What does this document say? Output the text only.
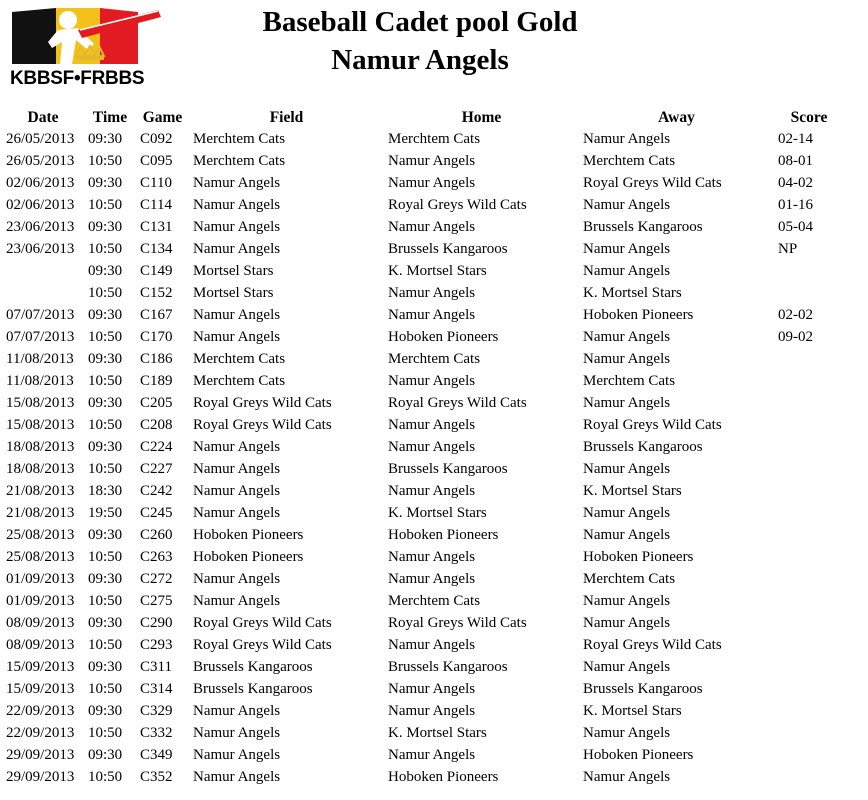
KBBSF•FRBBS
Baseball Cadet pool Gold
Namur Angels
Date	Time	Game	Field	Home	Away	Score
26/05/2013	09:30	C092	Merchtem Cats	Merchtem Cats	Namur Angels	02-14
26/05/2013	10:50	C095	Merchtem Cats	Namur Angels	Merchtem Cats	08-01
02/06/2013	09:30	C110	Namur Angels	Namur Angels	Royal Greys Wild Cats	04-02
02/06/2013	10:50	C114	Namur Angels	Royal Greys Wild Cats	Namur Angels	01-16
23/06/2013	09:30	C131	Namur Angels	Namur Angels	Brussels Kangaroos	05-04
23/06/2013	10:50	C134	Namur Angels	Brussels Kangaroos	Namur Angels	NP
	09:30	C149	Mortsel Stars	K. Mortsel Stars	Namur Angels	
	10:50	C152	Mortsel Stars	Namur Angels	K. Mortsel Stars	
07/07/2013	09:30	C167	Namur Angels	Namur Angels	Hoboken Pioneers	02-02
07/07/2013	10:50	C170	Namur Angels	Hoboken Pioneers	Namur Angels	09-02
11/08/2013	09:30	C186	Merchtem Cats	Merchtem Cats	Namur Angels	
11/08/2013	10:50	C189	Merchtem Cats	Namur Angels	Merchtem Cats	
15/08/2013	09:30	C205	Royal Greys Wild Cats	Royal Greys Wild Cats	Namur Angels	
15/08/2013	10:50	C208	Royal Greys Wild Cats	Namur Angels	Royal Greys Wild Cats	
18/08/2013	09:30	C224	Namur Angels	Namur Angels	Brussels Kangaroos	
18/08/2013	10:50	C227	Namur Angels	Brussels Kangaroos	Namur Angels	
21/08/2013	18:30	C242	Namur Angels	Namur Angels	K. Mortsel Stars	
21/08/2013	19:50	C245	Namur Angels	K. Mortsel Stars	Namur Angels	
25/08/2013	09:30	C260	Hoboken Pioneers	Hoboken Pioneers	Namur Angels	
25/08/2013	10:50	C263	Hoboken Pioneers	Namur Angels	Hoboken Pioneers	
01/09/2013	09:30	C272	Namur Angels	Namur Angels	Merchtem Cats	
01/09/2013	10:50	C275	Namur Angels	Merchtem Cats	Namur Angels	
08/09/2013	09:30	C290	Royal Greys Wild Cats	Royal Greys Wild Cats	Namur Angels	
08/09/2013	10:50	C293	Royal Greys Wild Cats	Namur Angels	Royal Greys Wild Cats	
15/09/2013	09:30	C311	Brussels Kangaroos	Brussels Kangaroos	Namur Angels	
15/09/2013	10:50	C314	Brussels Kangaroos	Namur Angels	Brussels Kangaroos	
22/09/2013	09:30	C329	Namur Angels	Namur Angels	K. Mortsel Stars	
22/09/2013	10:50	C332	Namur Angels	K. Mortsel Stars	Namur Angels	
29/09/2013	09:30	C349	Namur Angels	Namur Angels	Hoboken Pioneers	
29/09/2013	10:50	C352	Namur Angels	Hoboken Pioneers	Namur Angels	
